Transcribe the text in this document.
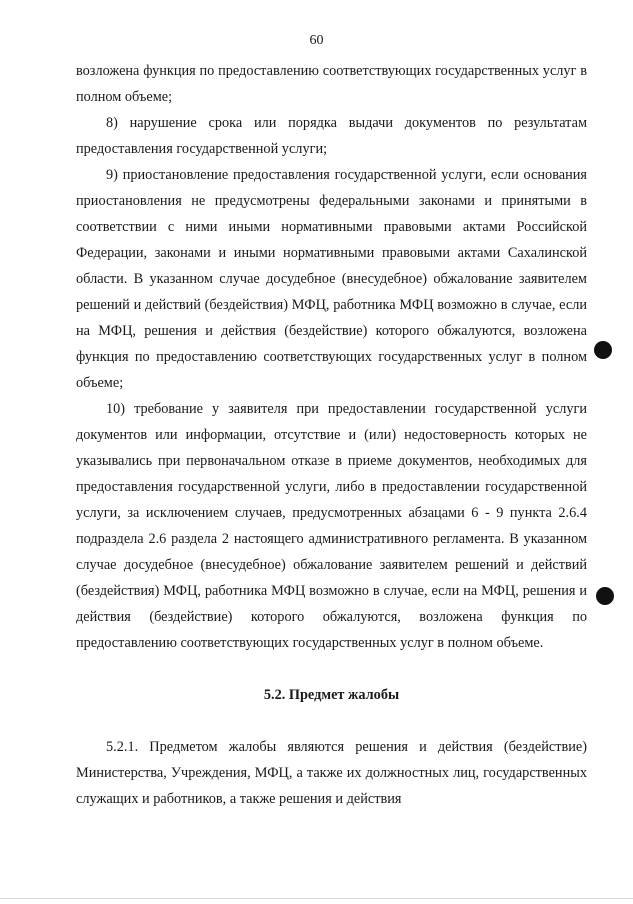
60

возложена функция по предоставлению соответствующих государственных услуг в полном объеме;

8) нарушение срока или порядка выдачи документов по результатам предоставления государственной услуги;

9) приостановление предоставления государственной услуги, если основания приостановления не предусмотрены федеральными законами и принятыми в соответствии с ними иными нормативными правовыми актами Российской Федерации, законами и иными нормативными правовыми актами Сахалинской области. В указанном случае досудебное (внесудебное) обжалование заявителем решений и действий (бездействия) МФЦ, работника МФЦ возможно в случае, если на МФЦ, решения и действия (бездействие) которого обжалуются, возложена функция по предоставлению соответствующих государственных услуг в полном объеме;

10) требование у заявителя при предоставлении государственной услуги документов или информации, отсутствие и (или) недостоверность которых не указывались при первоначальном отказе в приеме документов, необходимых для предоставления государственной услуги, либо в предоставлении государственной услуги, за исключением случаев, предусмотренных абзацами 6 - 9 пункта 2.6.4 подраздела 2.6 раздела 2 настоящего административного регламента. В указанном случае досудебное (внесудебное) обжалование заявителем решений и действий (бездействия) МФЦ, работника МФЦ возможно в случае, если на МФЦ, решения и действия (бездействие) которого обжалуются, возложена функция по предоставлению соответствующих государственных услуг в полном объеме.

5.2. Предмет жалобы

5.2.1. Предметом жалобы являются решения и действия (бездействие) Министерства, Учреждения, МФЦ, а также их должностных лиц, государственных служащих и работников, а также решения и действия
